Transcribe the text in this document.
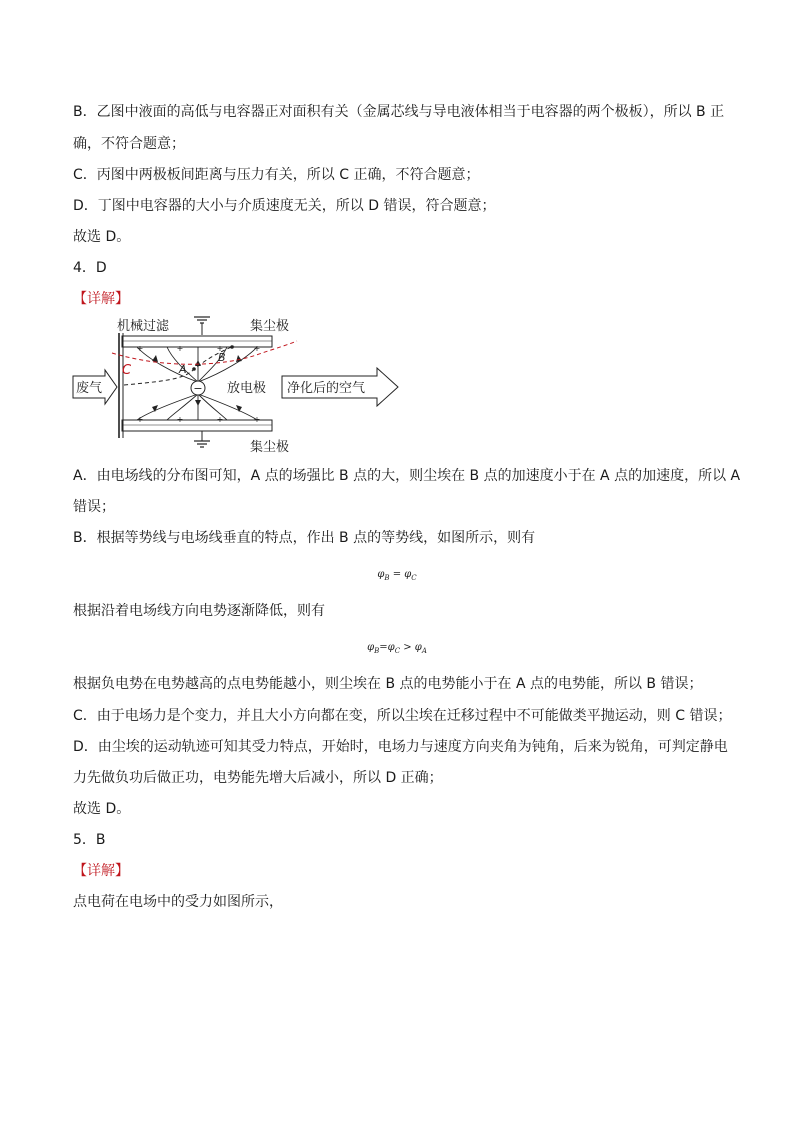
B．乙图中液面的高低与电容器正对面积有关（金属芯线与导电液体相当于电容器的两个极板），所以 B 正
确，不符合题意；
C．丙图中两极板间距离与压力有关，所以 C 正确，不符合题意；
D．丁图中电容器的大小与介质速度无关，所以 D 错误，符合题意；
故选 D。
4．D
【详解】
+	+	+	+
+	+	+	+
−
A
B
C
机械过滤	集尘极
放电极
集尘极
废气	净化后的空气
A．由电场线的分布图可知，A 点的场强比 B 点的大，则尘埃在 B 点的加速度小于在 A 点的加速度，所以 A
错误；
B．根据等势线与电场线垂直的特点，作出 B 点的等势线，如图所示，则有
$\varphi_B = \varphi_C$
根据沿着电场线方向电势逐渐降低，则有
$\varphi_B=\varphi_C > \varphi_A$
根据负电势在电势越高的点电势能越小，则尘埃在 B 点的电势能小于在 A 点的电势能，所以 B 错误；
C．由于电场力是个变力，并且大小方向都在变，所以尘埃在迁移过程中不可能做类平抛运动，则 C 错误；
D．由尘埃的运动轨迹可知其受力特点，开始时，电场力与速度方向夹角为钝角，后来为锐角，可判定静电
力先做负功后做正功，电势能先增大后减小，所以 D 正确；
故选 D。
5．B
【详解】
点电荷在电场中的受力如图所示，
